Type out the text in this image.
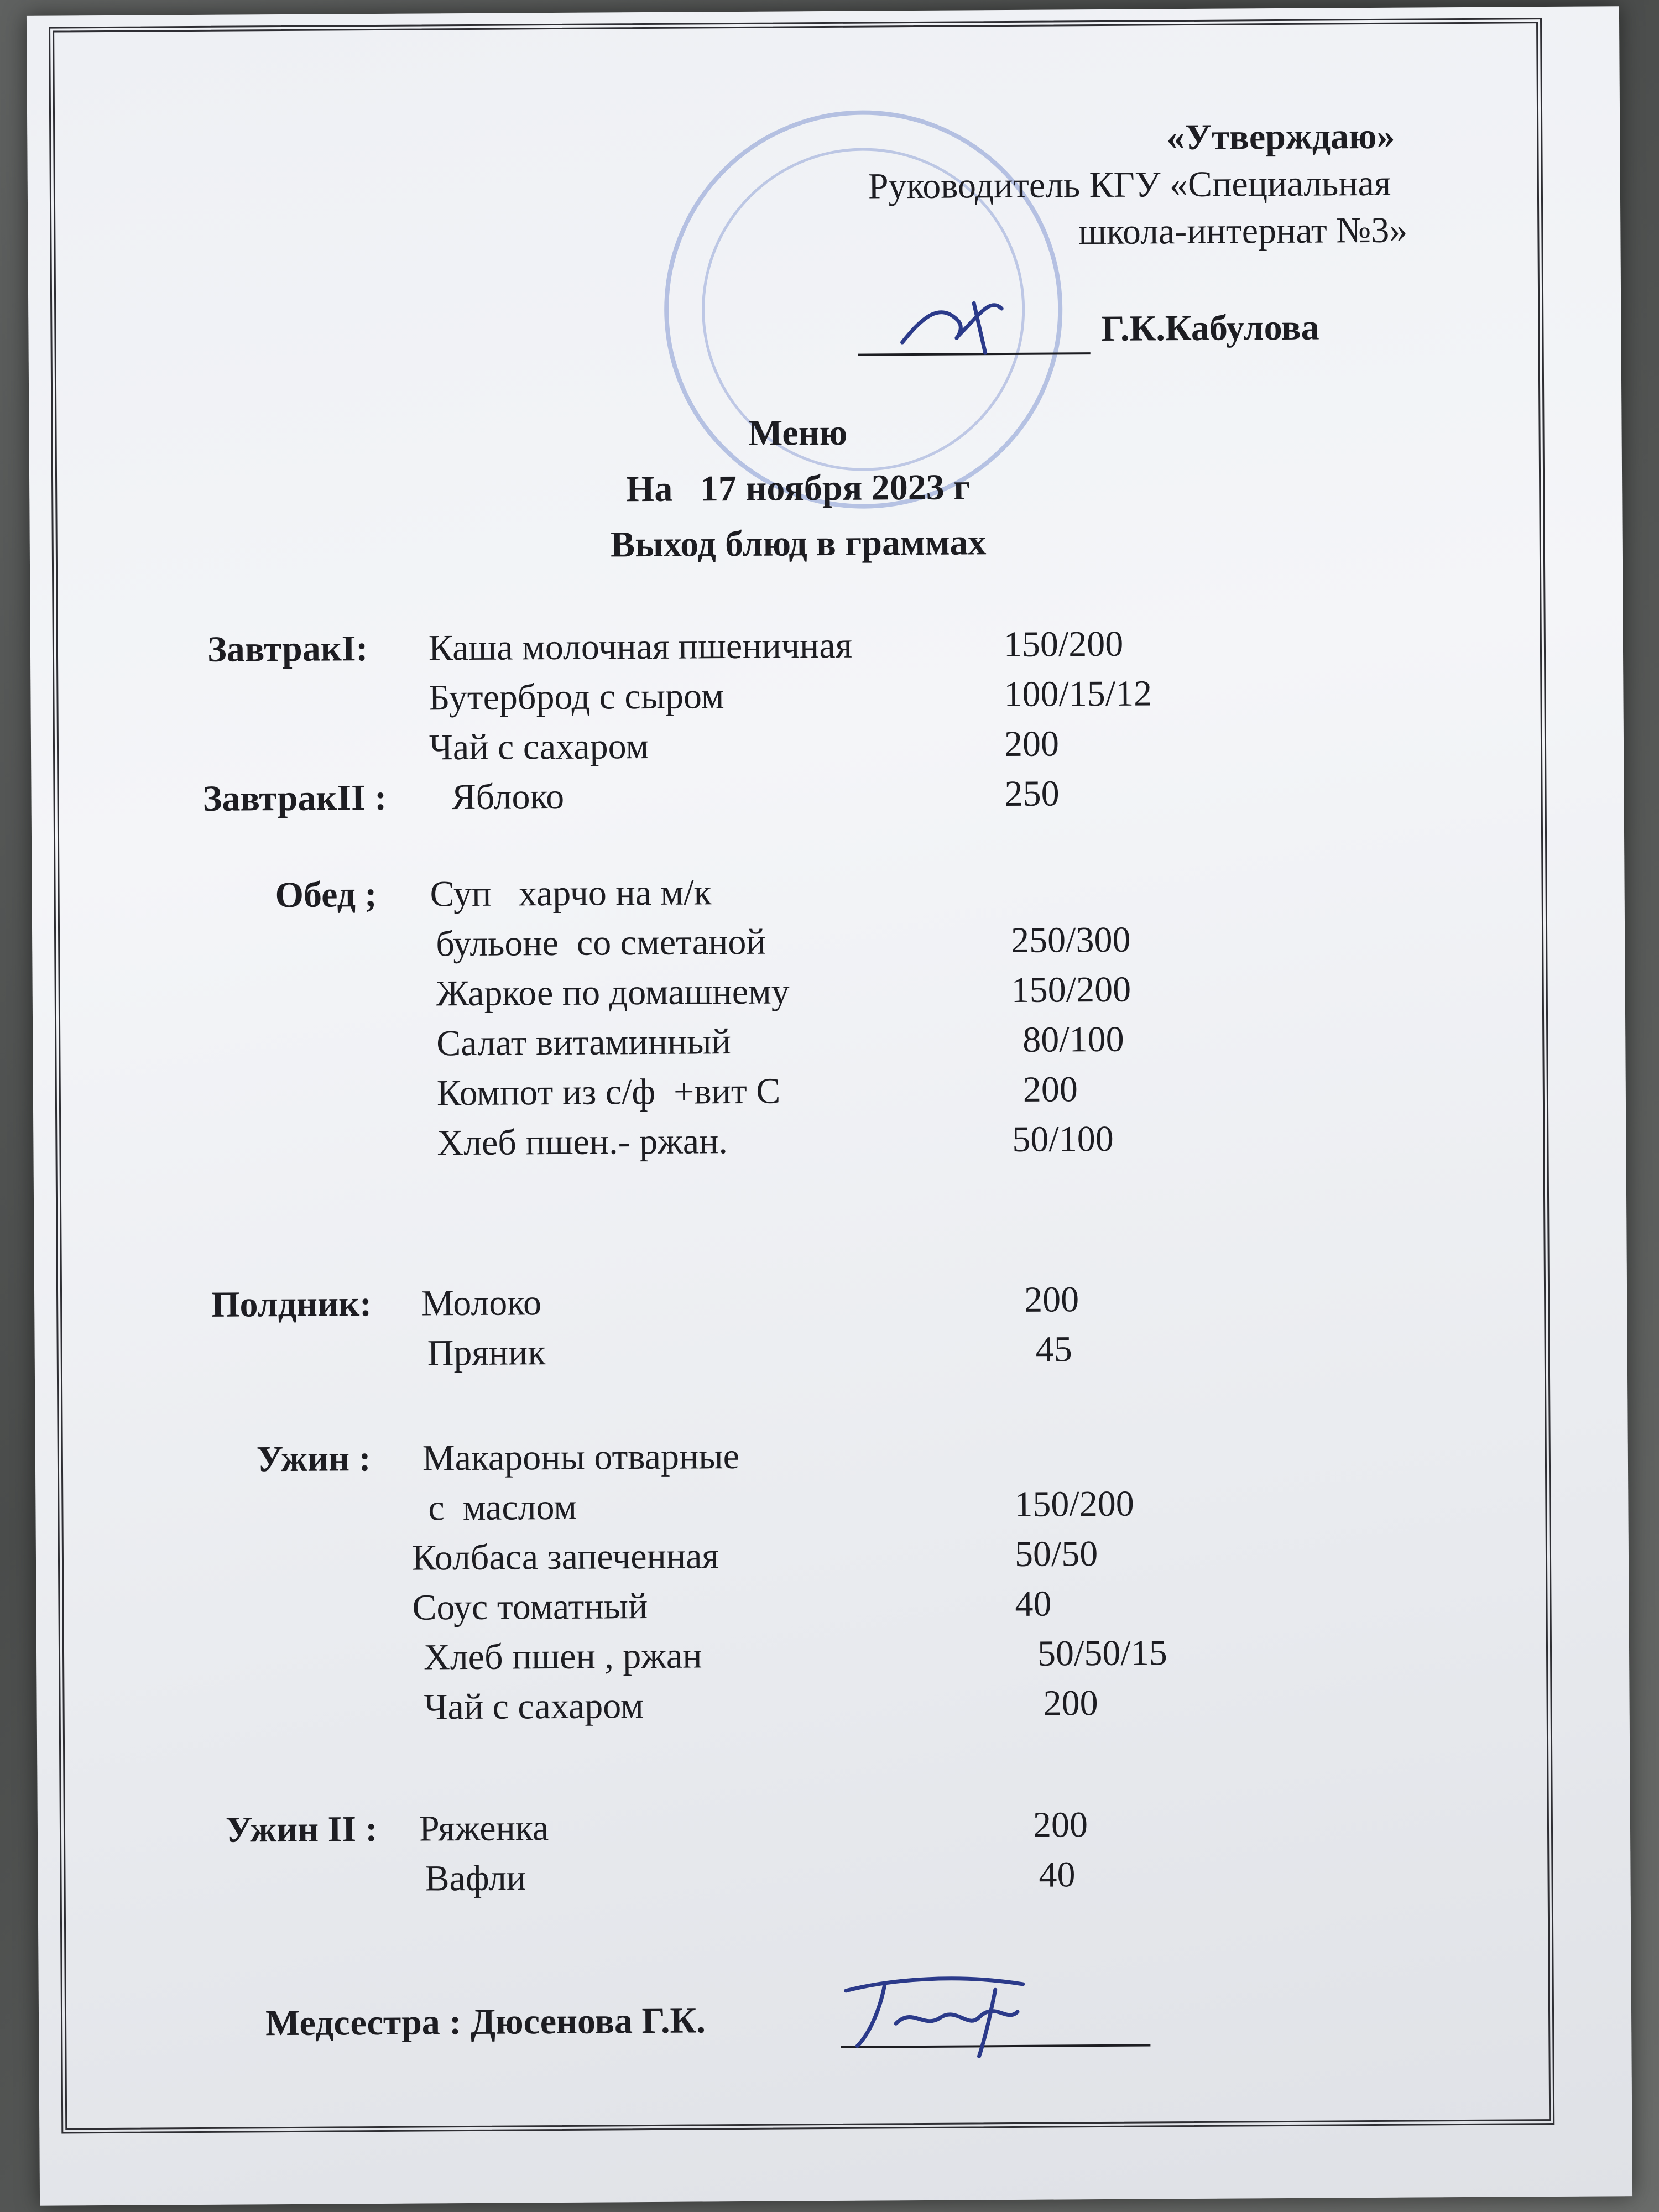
«Утверждаю»
Руководитель КГУ «Специальная
школа-интернат №3»
Г.К.Кабулова
Меню
На   17 ноября 2023 г
Выход блюд в граммах
ЗавтракI: Каша молочная пшеничная	150/200
Бутерброд с сыром	100/15/12
Чай с сахаром	200
ЗавтракII : Яблоко	250
Обед ; Суп   харчо на м/к
бульоне  со сметаной	250/300
Жаркое по домашнему	150/200
Салат витаминный	80/100
Компот из с/ф  +вит С	200
Хлеб пшен.- ржан.	50/100
Полдник: Молоко	200
Пряник	45
Ужин : Макароны отварные
с  маслом	150/200
Колбаса запеченная	50/50
Соус томатный	40
Хлеб пшен , ржан	50/50/15
Чай с сахаром	200
Ужин II : Ряженка	200
Вафли	40
Медсестра : Дюсенова Г.К.
